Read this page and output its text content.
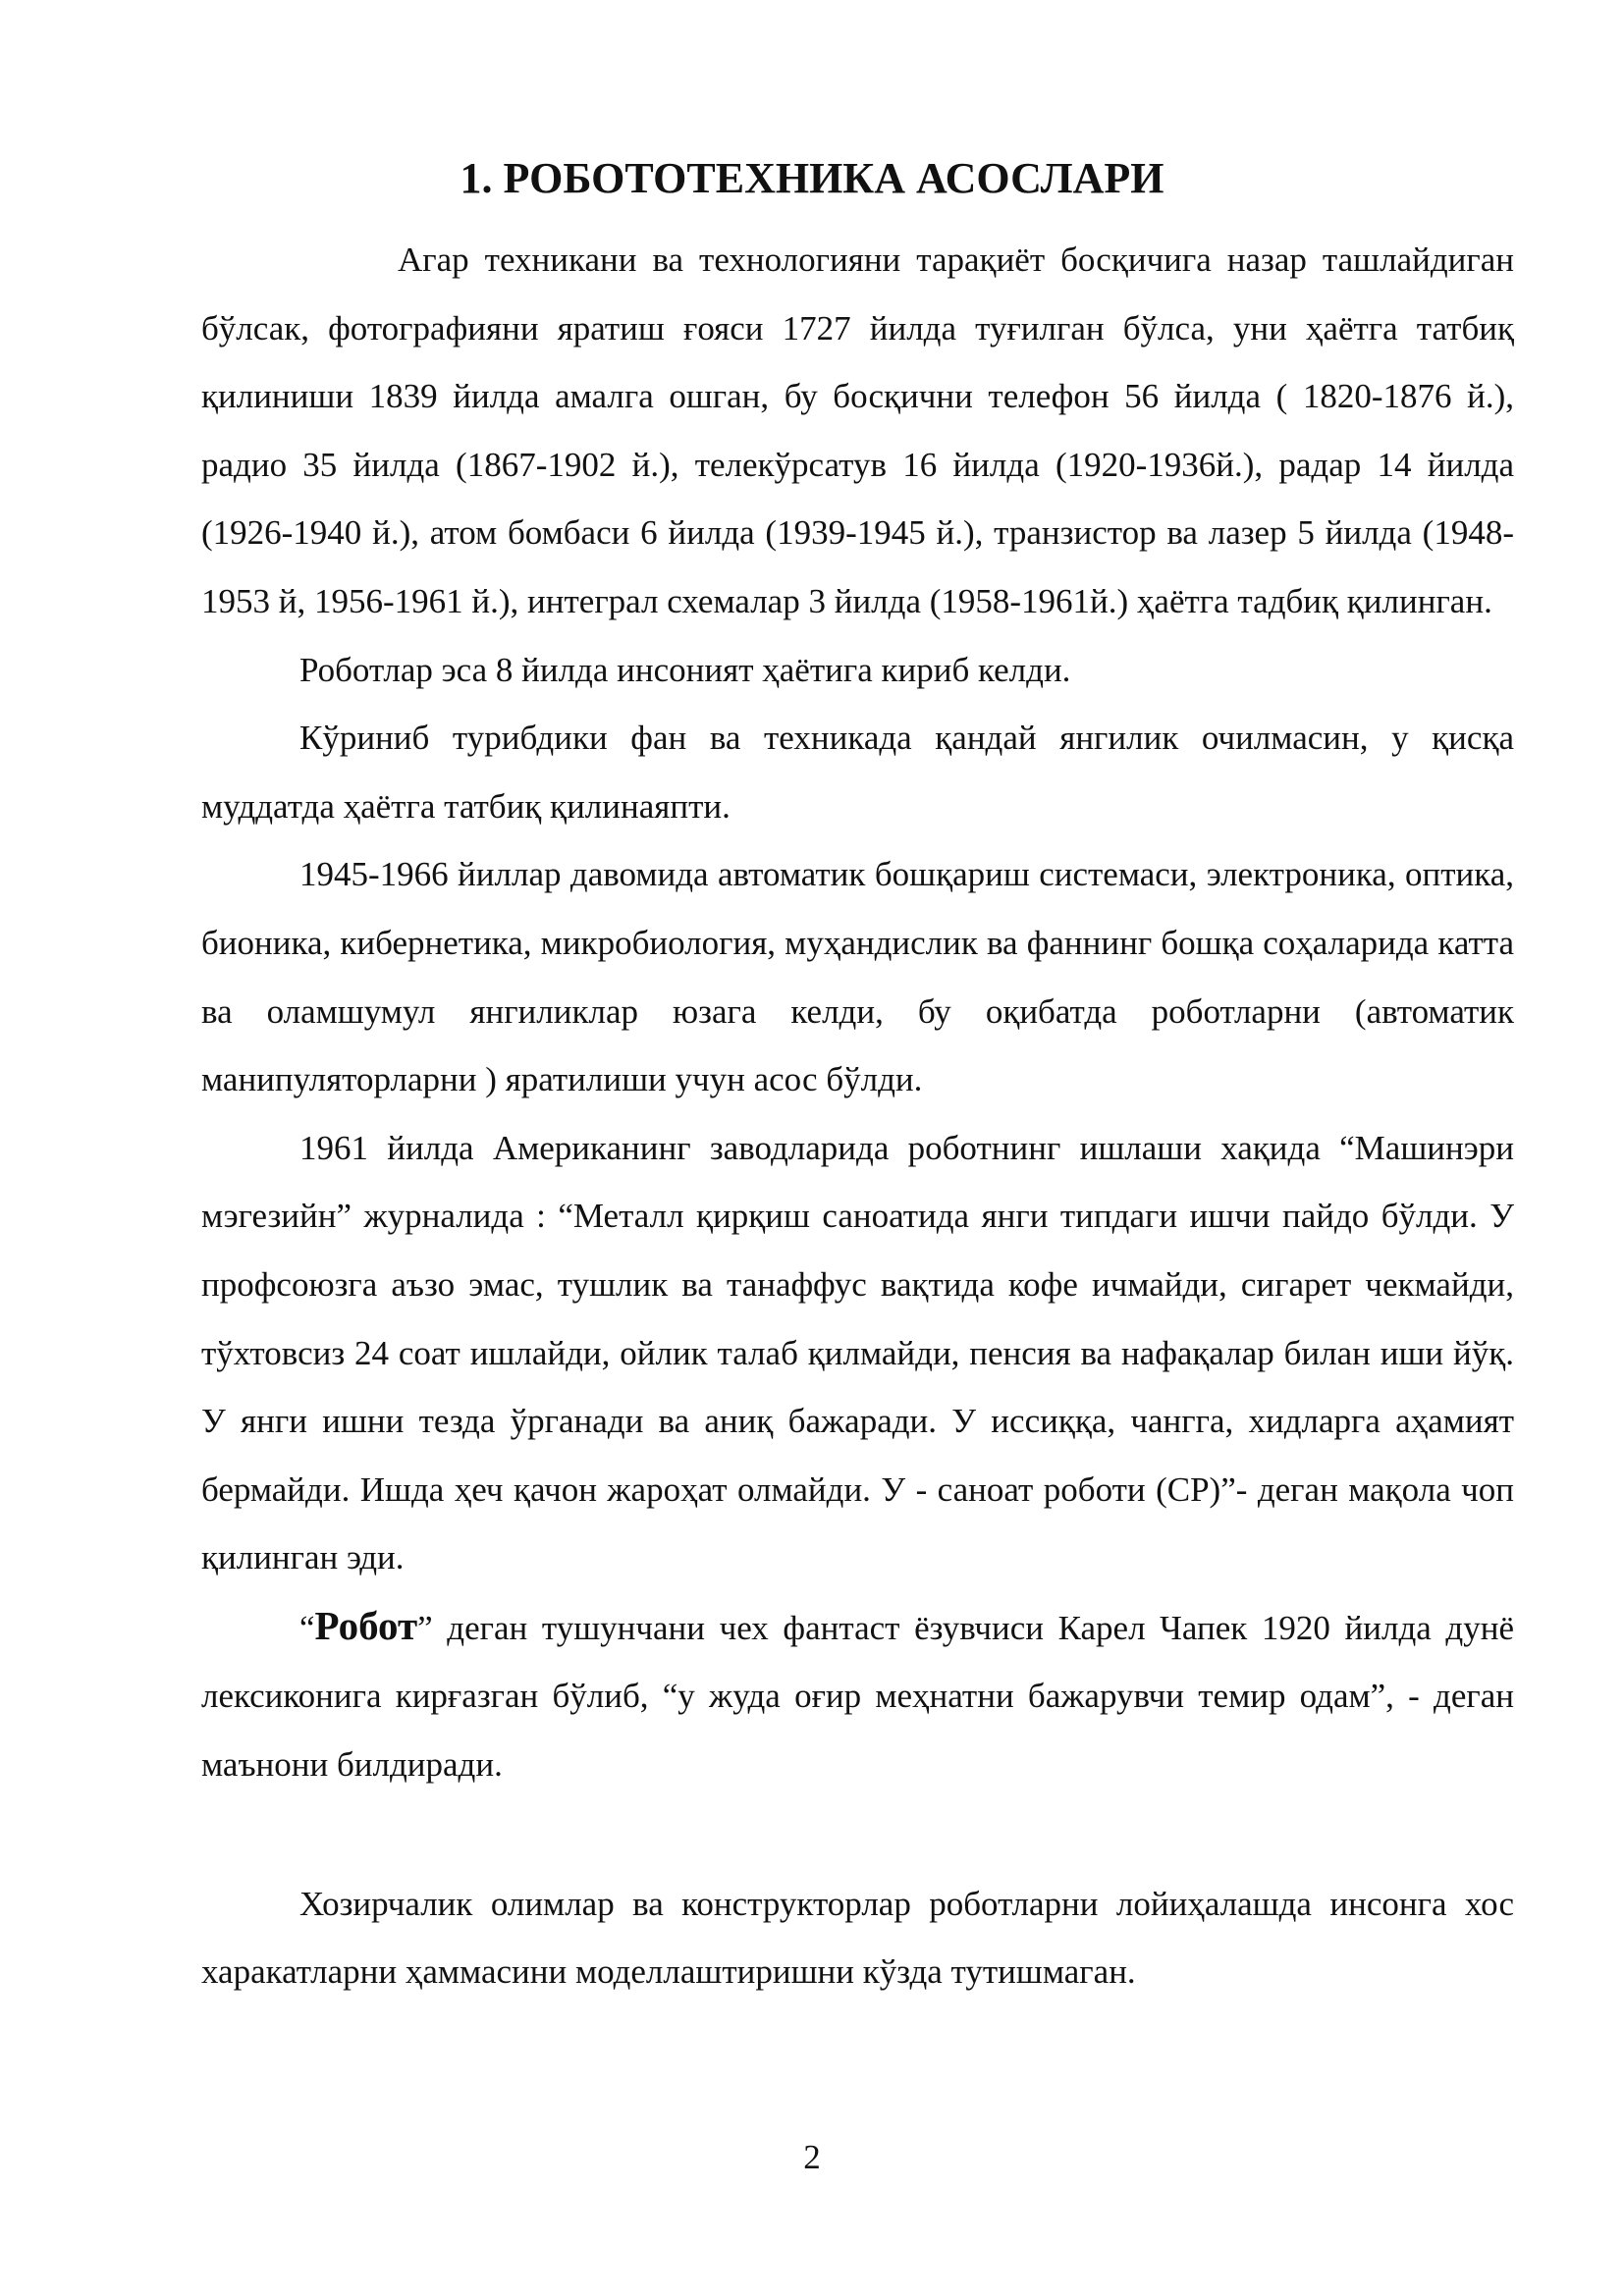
1. РОБОТОТЕХНИКА АСОСЛАРИ

Агар техникани ва технологияни тарақиёт босқичига назар ташлайдиган бўлсак, фотографияни яратиш ғояси 1727 йилда туғилган бўлса, уни ҳаётга татбиқ қилиниши 1839 йилда амалга ошган, бу босқични телефон 56 йилда ( 1820-1876 й.), радио 35 йилда (1867-1902 й.), телекўрсатув 16 йилда (1920-1936й.), радар 14 йилда (1926-1940 й.), атом бомбаси 6 йилда (1939-1945 й.), транзистор ва лазер 5 йилда (1948-1953 й, 1956-1961 й.), интеграл схемалар 3 йилда (1958-1961й.) ҳаётга тадбиқ қилинган.

Роботлар эса 8 йилда инсоният ҳаётига кириб келди.

Кўриниб турибдики фан ва техникада қандай янгилик очилмасин, у қисқа муддатда ҳаётга татбиқ қилинаяпти.

1945-1966 йиллар давомида автоматик бошқариш системаси, электроника, оптика, бионика, кибернетика, микробиология, муҳандислик ва фаннинг бошқа соҳаларида катта ва оламшумул янгиликлар юзага келди, бу оқибатда роботларни (автоматик манипуляторларни ) яратилиши учун асос бўлди.

1961 йилда Американинг заводларида роботнинг ишлаши хақида “Машинэри мэгезийн” журналида : “Металл қирқиш саноатида янги типдаги ишчи пайдо бўлди. У профсоюзга аъзо эмас, тушлик ва танаффус вақтида кофе ичмайди, сигарет чекмайди, тўхтовсиз 24 соат ишлайди, ойлик талаб қилмайди, пенсия ва нафақалар билан иши йўқ. У янги ишни тезда ўрганади ва аниқ бажаради. У иссиққа, чангга, хидларга аҳамият бермайди. Ишда ҳеч қачон жароҳат олмайди. У - саноат роботи (СР)”- деган мақола чоп қилинган эди.

“Робот” деган тушунчани чех фантаст ёзувчиси Карел Чапек 1920 йилда дунё лексиконига кирғазган бўлиб, “у жуда оғир меҳнатни бажарувчи темир одам”, - деган маънони билдиради.

Хозирчалик олимлар ва конструкторлар роботларни лойиҳалашда инсонга хос харакатларни ҳаммасини моделлаштиришни кўзда тутишмаган.

2
